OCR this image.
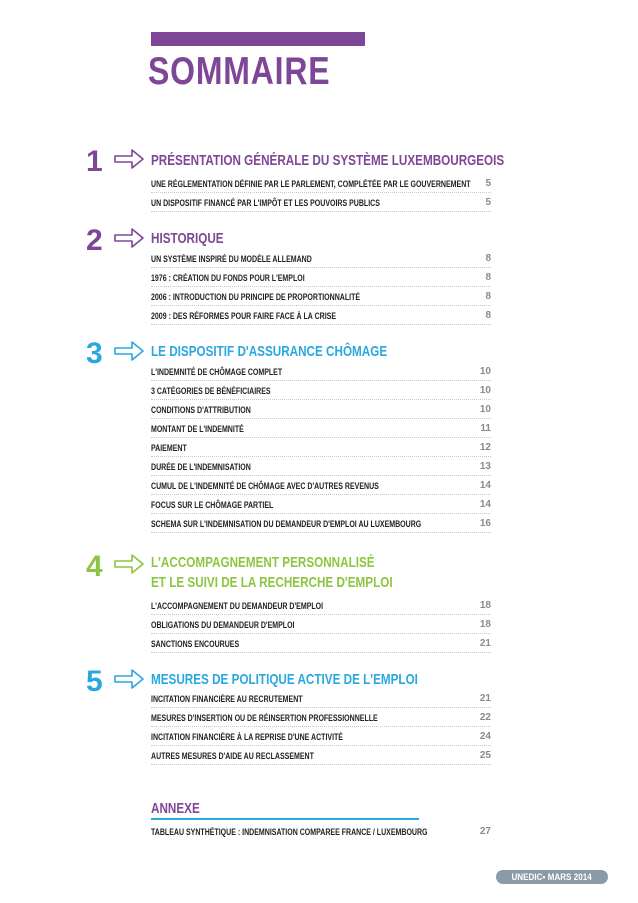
SOMMAIRE
1	PRÉSENTATION GÉNÉRALE DU SYSTÈME LUXEMBOURGEOIS
UNE RÉGLEMENTATION DÉFINIE PAR LE PARLEMENT, COMPLÉTÉE PAR LE GOUVERNEMENT 5
UN DISPOSITIF FINANCÉ PAR L'IMPÔT ET LES POUVOIRS PUBLICS	5
2	HISTORIQUE
UN SYSTÈME INSPIRÉ DU MODÈLE ALLEMAND	8
1976 : CRÉATION DU FONDS POUR L'EMPLOI	8
2006 : INTRODUCTION DU PRINCIPE DE PROPORTIONNALITÉ	8
2009 : DES RÉFORMES POUR FAIRE FACE À LA CRISE	8
3	LE DISPOSITIF D'ASSURANCE CHÔMAGE
L'INDEMNITÉ DE CHÔMAGE COMPLET	10
3 CATÉGORIES DE BÉNÉFICIAIRES	10
CONDITIONS D'ATTRIBUTION	10
MONTANT DE L'INDEMNITÉ	11
PAIEMENT	12
DURÉE DE L'INDEMNISATION	13
CUMUL DE L'INDEMNITÉ DE CHÔMAGE AVEC D'AUTRES REVENUS	14
FOCUS SUR LE CHÔMAGE PARTIEL	14
SCHEMA SUR L'INDEMNISATION DU DEMANDEUR D'EMPLOI AU LUXEMBOURG	16
4	L'ACCOMPAGNEMENT PERSONNALISÉ
ET LE SUIVI DE LA RECHERCHE D'EMPLOI
L'ACCOMPAGNEMENT DU DEMANDEUR D'EMPLOI	18
OBLIGATIONS DU DEMANDEUR D'EMPLOI	18
SANCTIONS ENCOURUES	21
5	MESURES DE POLITIQUE ACTIVE DE L'EMPLOI
INCITATION FINANCIÈRE AU RECRUTEMENT	21
MESURES D'INSERTION OU DE RÉINSERTION PROFESSIONNELLE	22
INCITATION FINANCIÈRE À LA REPRISE D'UNE ACTIVITÉ	24
AUTRES MESURES D'AIDE AU RECLASSEMENT	25
ANNEXE
TABLEAU SYNTHÉTIQUE : INDEMNISATION COMPAREE FRANCE / LUXEMBOURG	27
UNEDIC• MARS 2014
